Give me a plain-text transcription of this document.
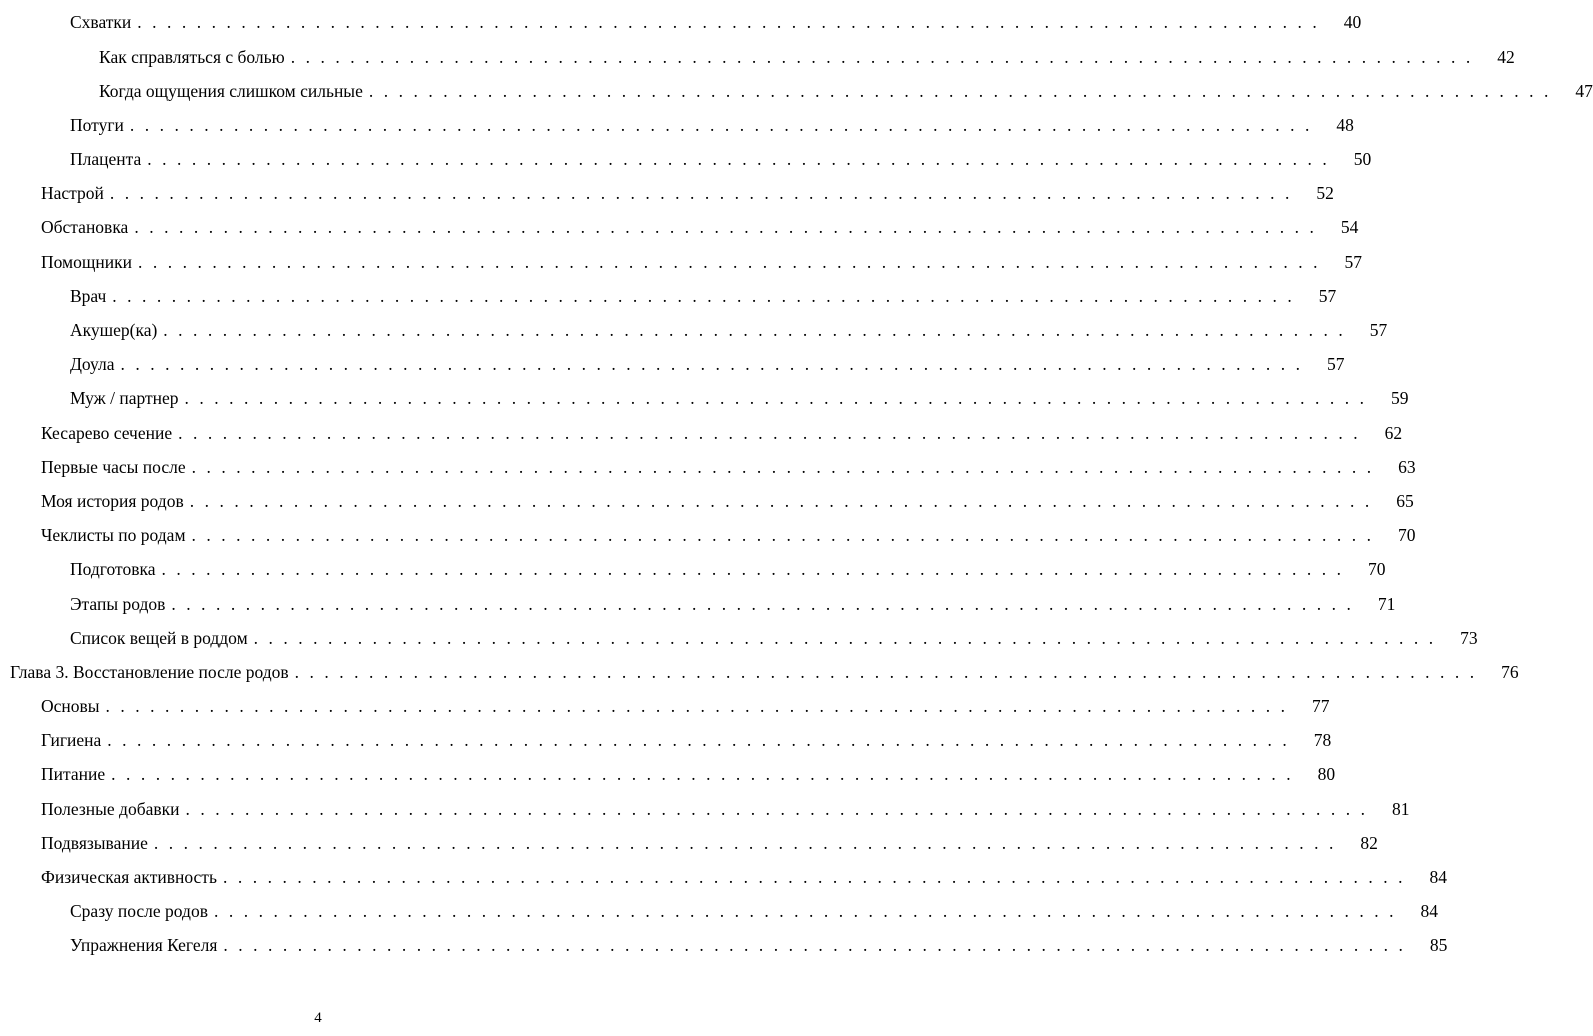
Схватки ................................................................................ 40
Как справляться с болью ................................................................................ 42
Когда ощущения слишком сильные ................................................................................ 47
Потуги ................................................................................ 48
Плацента ................................................................................ 50
Настрой ................................................................................ 52
Обстановка ................................................................................ 54
Помощники ................................................................................ 57
Врач ................................................................................ 57
Акушер(ка) ................................................................................ 57
Доула ................................................................................ 57
Муж / партнер ................................................................................ 59
Кесарево сечение ................................................................................ 62
Первые часы после ................................................................................ 63
Моя история родов ................................................................................ 65
Чеклисты по родам ................................................................................ 70
Подготовка ................................................................................ 70
Этапы родов ................................................................................ 71
Список вещей в роддом ................................................................................ 73
Глава 3. Восстановление после родов ................................................................................ 76
Основы ................................................................................ 77
Гигиена ................................................................................ 78
Питание ................................................................................ 80
Полезные добавки ................................................................................ 81
Подвязывание ................................................................................ 82
Физическая активность ................................................................................ 84
Сразу после родов ................................................................................ 84
Упражнения Кегеля ................................................................................ 85
4
